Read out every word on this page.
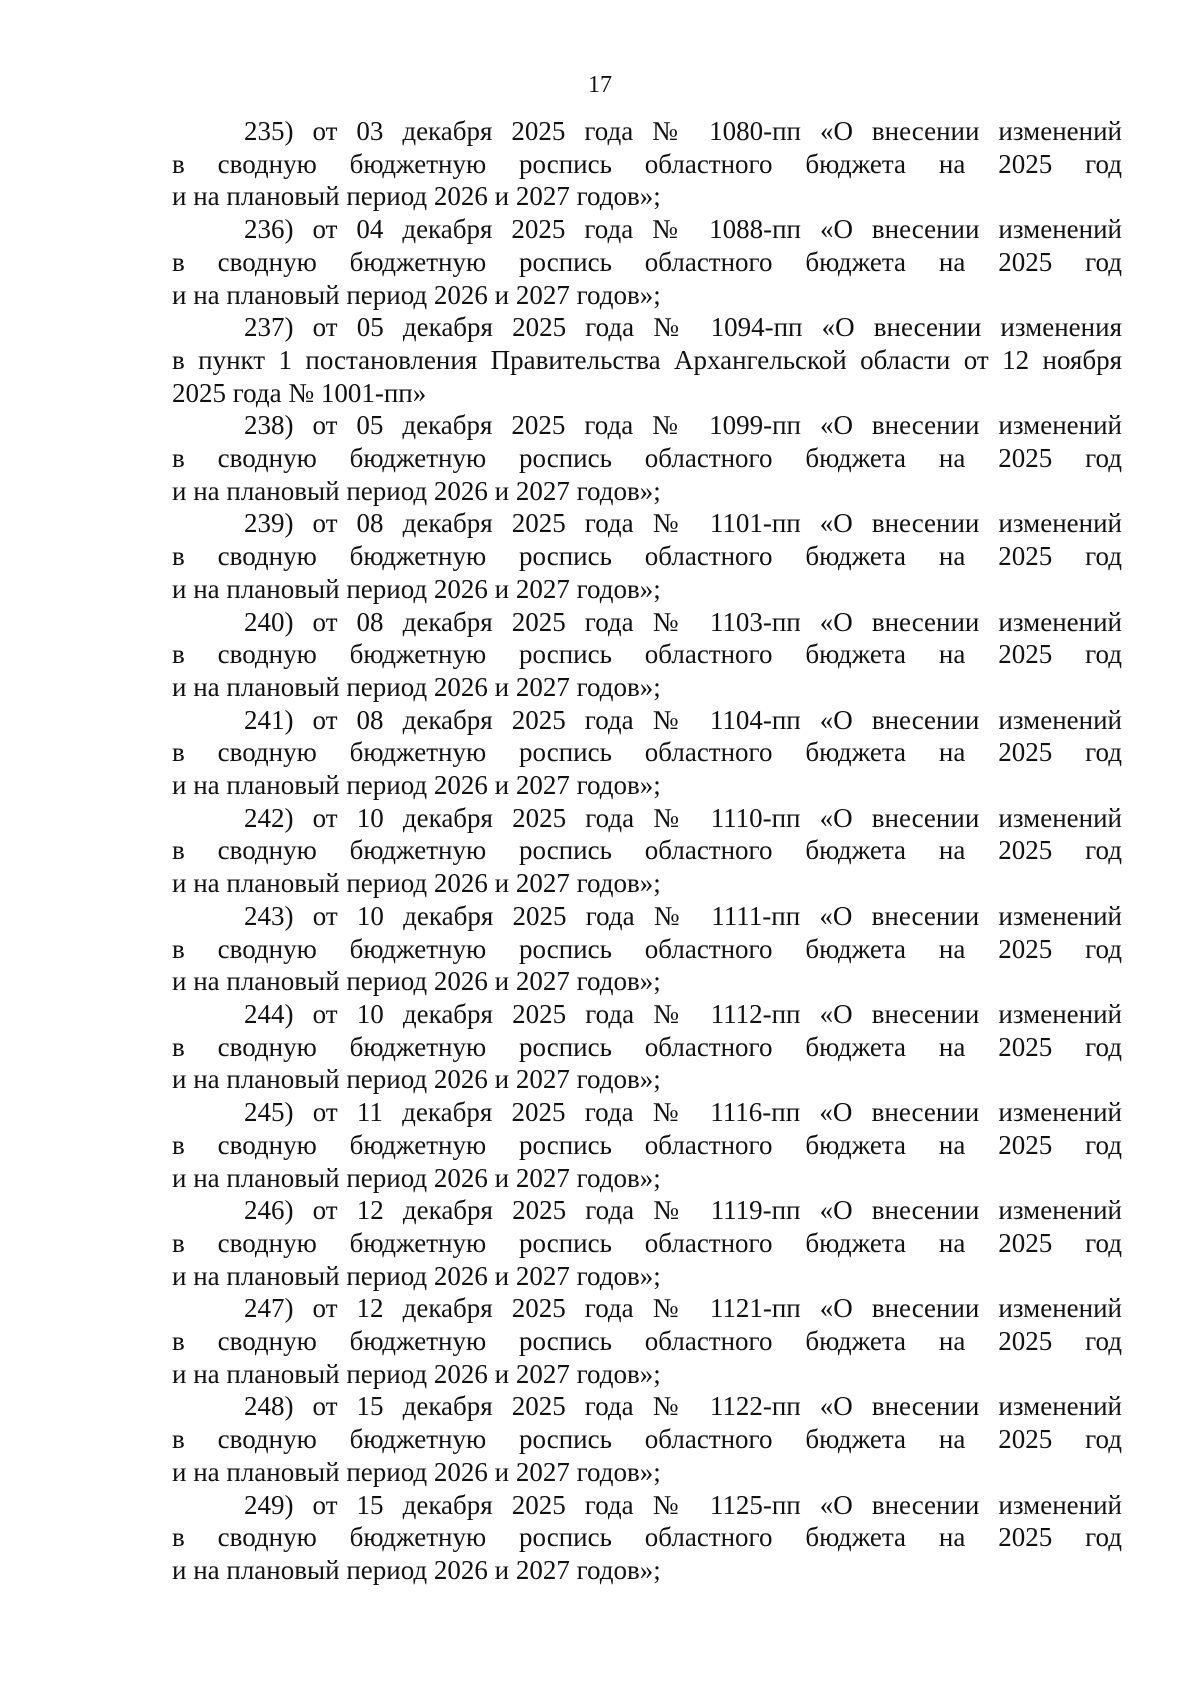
17
235) от 03 декабря 2025 года № 1080-пп «О внесении изменений
в сводную бюджетную роспись областного бюджета на 2025 год
и на плановый период 2026 и 2027 годов»;
236) от 04 декабря 2025 года № 1088-пп «О внесении изменений
в сводную бюджетную роспись областного бюджета на 2025 год
и на плановый период 2026 и 2027 годов»;
237) от 05 декабря 2025 года № 1094-пп «О внесении изменения
в пункт 1 постановления Правительства Архангельской области от 12 ноября
2025 года № 1001-пп»
238) от 05 декабря 2025 года № 1099-пп «О внесении изменений
в сводную бюджетную роспись областного бюджета на 2025 год
и на плановый период 2026 и 2027 годов»;
239) от 08 декабря 2025 года № 1101-пп «О внесении изменений
в сводную бюджетную роспись областного бюджета на 2025 год
и на плановый период 2026 и 2027 годов»;
240) от 08 декабря 2025 года № 1103-пп «О внесении изменений
в сводную бюджетную роспись областного бюджета на 2025 год
и на плановый период 2026 и 2027 годов»;
241) от 08 декабря 2025 года № 1104-пп «О внесении изменений
в сводную бюджетную роспись областного бюджета на 2025 год
и на плановый период 2026 и 2027 годов»;
242) от 10 декабря 2025 года № 1110-пп «О внесении изменений
в сводную бюджетную роспись областного бюджета на 2025 год
и на плановый период 2026 и 2027 годов»;
243) от 10 декабря 2025 года № 1111-пп «О внесении изменений
в сводную бюджетную роспись областного бюджета на 2025 год
и на плановый период 2026 и 2027 годов»;
244) от 10 декабря 2025 года № 1112-пп «О внесении изменений
в сводную бюджетную роспись областного бюджета на 2025 год
и на плановый период 2026 и 2027 годов»;
245) от 11 декабря 2025 года № 1116-пп «О внесении изменений
в сводную бюджетную роспись областного бюджета на 2025 год
и на плановый период 2026 и 2027 годов»;
246) от 12 декабря 2025 года № 1119-пп «О внесении изменений
в сводную бюджетную роспись областного бюджета на 2025 год
и на плановый период 2026 и 2027 годов»;
247) от 12 декабря 2025 года № 1121-пп «О внесении изменений
в сводную бюджетную роспись областного бюджета на 2025 год
и на плановый период 2026 и 2027 годов»;
248) от 15 декабря 2025 года № 1122-пп «О внесении изменений
в сводную бюджетную роспись областного бюджета на 2025 год
и на плановый период 2026 и 2027 годов»;
249) от 15 декабря 2025 года № 1125-пп «О внесении изменений
в сводную бюджетную роспись областного бюджета на 2025 год
и на плановый период 2026 и 2027 годов»;
